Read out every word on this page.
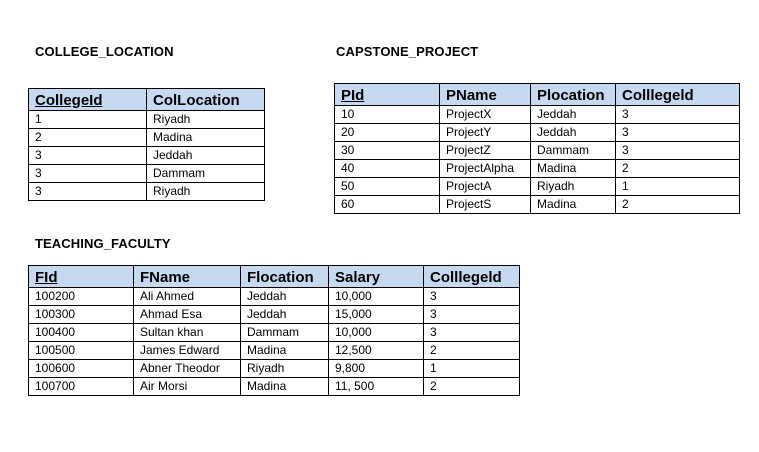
COLLEGE_LOCATION
CollegeId	ColLocation
1	Riyadh
2	Madina
3	Jeddah
3	Dammam
3	Riyadh
CAPSTONE_PROJECT
PId	PName	Plocation	Colllegeld
10	ProjectX	Jeddah	3
20	ProjectY	Jeddah	3
30	ProjectZ	Dammam	3
40	ProjectAlpha	Madina	2
50	ProjectA	Riyadh	1
60	ProjectS	Madina	2
TEACHING_FACULTY
FId	FName	Flocation	Salary	Colllegeld
100200	Ali Ahmed	Jeddah	10,000	3
100300	Ahmad Esa	Jeddah	15,000	3
100400	Sultan khan	Dammam	10,000	3
100500	James Edward	Madina	12,500	2
100600	Abner Theodor	Riyadh	9,800	1
100700	Air Morsi	Madina	11, 500	2
